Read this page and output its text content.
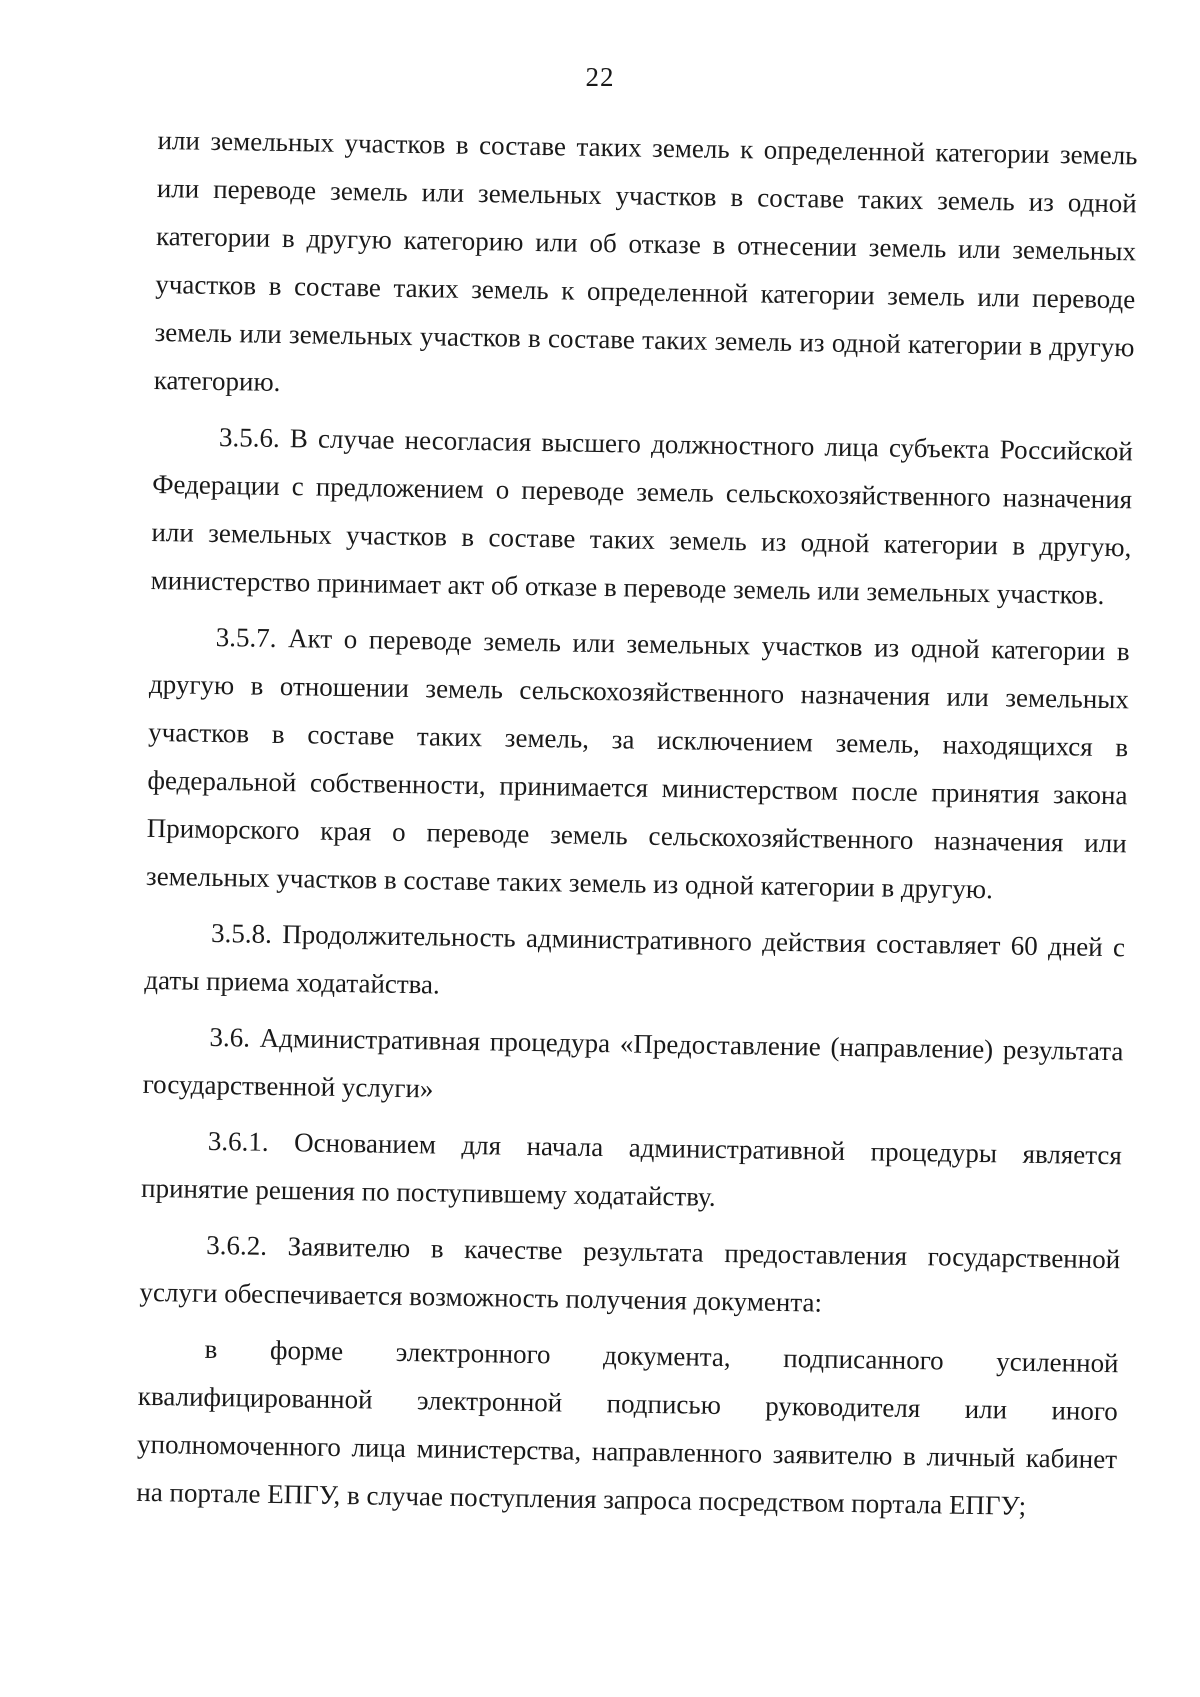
22

или земельных участков в составе таких земель к определенной категории земель или переводе земель или земельных участков в составе таких земель из одной категории в другую категорию или об отказе в отнесении земель или земельных участков в составе таких земель к определенной категории земель или переводе земель или земельных участков в составе таких земель из одной категории в другую категорию.

3.5.6. В случае несогласия высшего должностного лица субъекта Российской Федерации с предложением о переводе земель сельскохозяйственного назначения или земельных участков в составе таких земель из одной категории в другую, министерство принимает акт об отказе в переводе земель или земельных участков.

3.5.7. Акт о переводе земель или земельных участков из одной категории в другую в отношении земель сельскохозяйственного назначения или земельных участков в составе таких земель, за исключением земель, находящихся в федеральной собственности, принимается министерством после принятия закона Приморского края о переводе земель сельскохозяйственного назначения или земельных участков в составе таких земель из одной категории в другую.

3.5.8. Продолжительность административного действия составляет 60 дней с даты приема ходатайства.

3.6. Административная процедура «Предоставление (направление) результата государственной услуги»

3.6.1. Основанием для начала административной процедуры является принятие решения по поступившему ходатайству.

3.6.2. Заявителю в качестве результата предоставления государственной услуги обеспечивается возможность получения документа:

в форме электронного документа, подписанного усиленной квалифицированной электронной подписью руководителя или иного уполномоченного лица министерства, направленного заявителю в личный кабинет на портале ЕПГУ, в случае поступления запроса посредством портала ЕПГУ;
